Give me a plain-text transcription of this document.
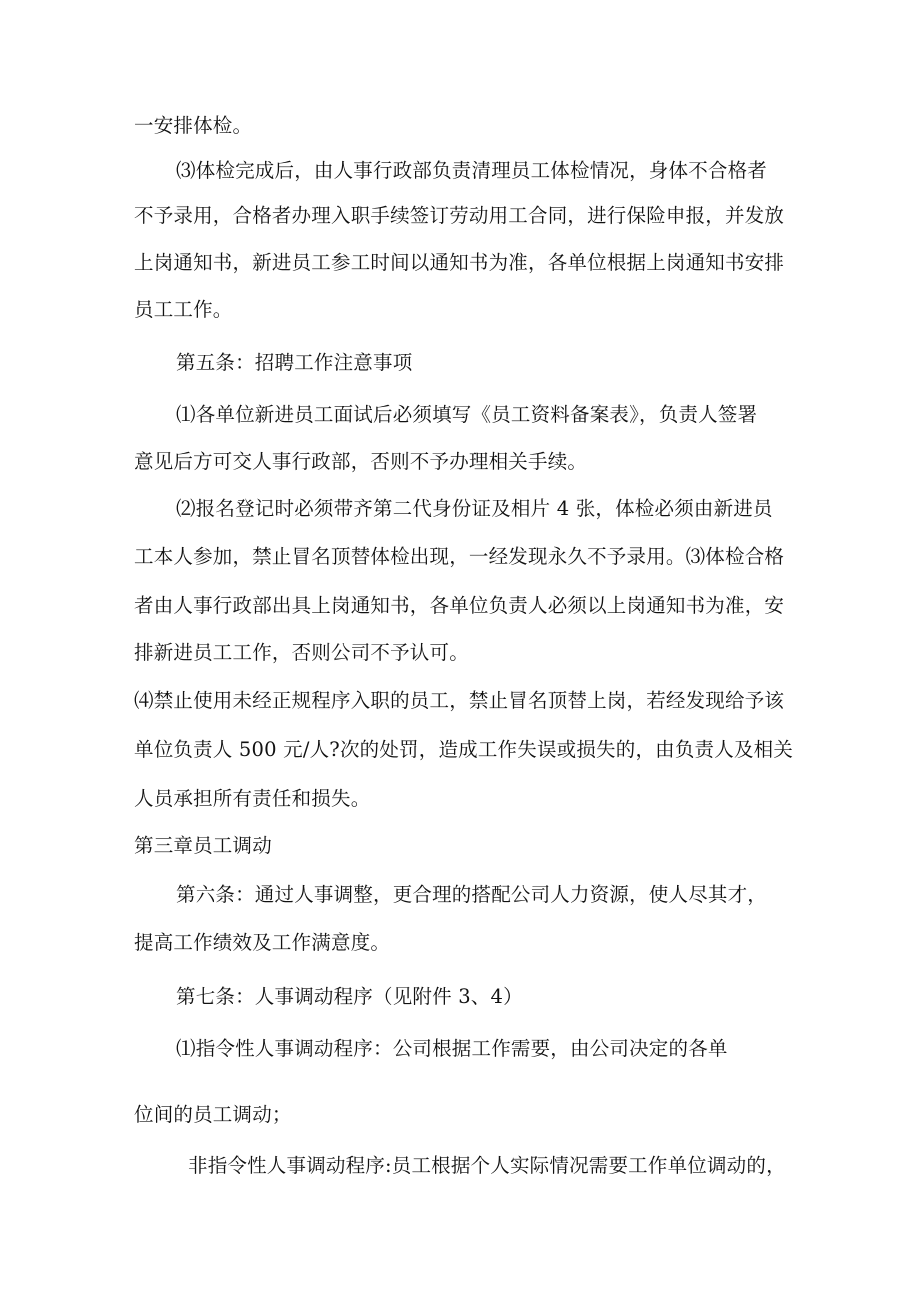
一安排体检。
⑶体检完成后，由人事行政部负责清理员工体检情况，身体不合格者
不予录用，合格者办理入职手续签订劳动用工合同，进行保险申报，并发放
上岗通知书，新进员工参工时间以通知书为准，各单位根据上岗通知书安排
员工工作。
第五条：招聘工作注意事项
⑴各单位新进员工面试后必须填写《员工资料备案表》，负责人签署
意见后方可交人事行政部，否则不予办理相关手续。
⑵报名登记时必须带齐第二代身份证及相片 4 张，体检必须由新进员
工本人参加，禁止冒名顶替体检出现，一经发现永久不予录用。⑶体检合格
者由人事行政部出具上岗通知书，各单位负责人必须以上岗通知书为准，安
排新进员工工作，否则公司不予认可。
⑷禁止使用未经正规程序入职的员工，禁止冒名顶替上岗，若经发现给予该
单位负责人 500 元/人?次的处罚，造成工作失误或损失的，由负责人及相关
人员承担所有责任和损失。
第三章员工调动
第六条：通过人事调整，更合理的搭配公司人力资源，使人尽其才，
提高工作绩效及工作满意度。
第七条：人事调动程序（见附件 3、4）
⑴指令性人事调动程序：公司根据工作需要，由公司决定的各单
位间的员工调动；
非指令性人事调动程序:员工根据个人实际情况需要工作单位调动的，
